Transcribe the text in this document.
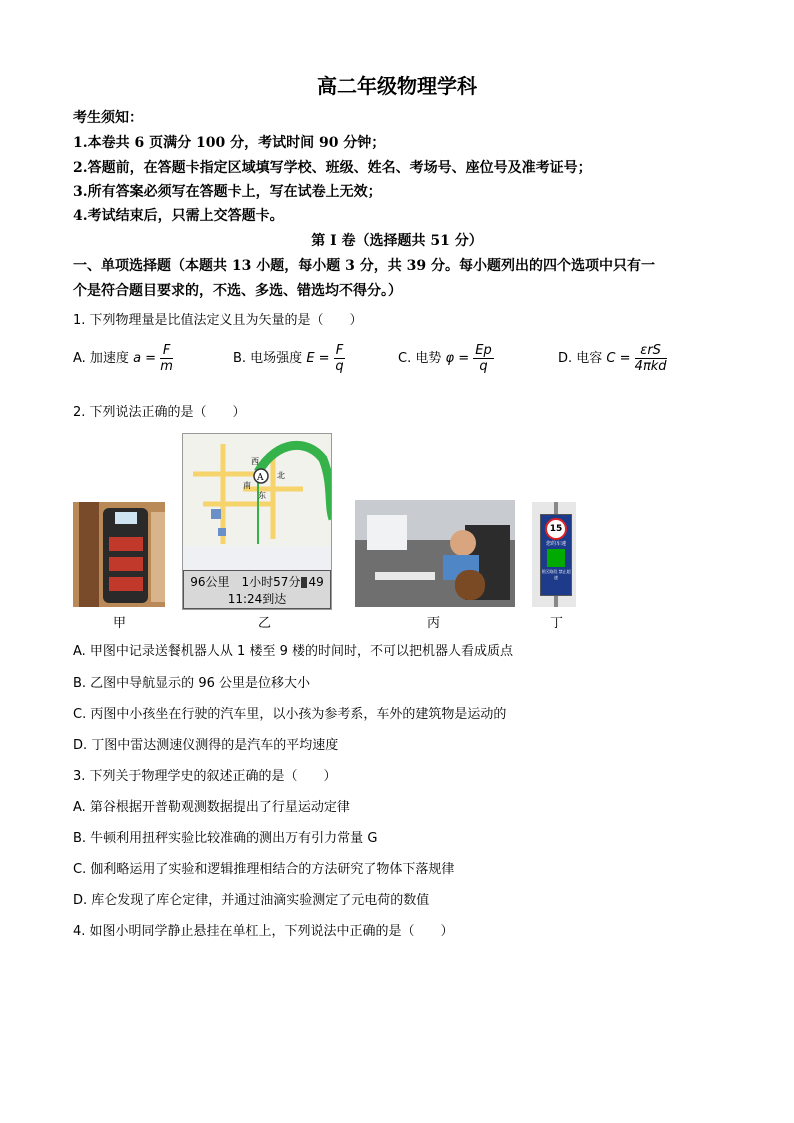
高二年级物理学科
考生须知：
1.本卷共 6 页满分 100 分，考试时间 90 分钟；
2.答题前，在答题卡指定区域填写学校、班级、姓名、考场号、座位号及准考证号；
3.所有答案必须写在答题卡上，写在试卷上无效；
4.考试结束后，只需上交答题卡。
第 I 卷（选择题共 51 分）
一、单项选择题（本题共 13 小题，每小题 3 分，共 39 分。每小题列出的四个选项中只有一
个是符合题目要求的，不选、多选、错选均不得分。）
1. 下列物理量是比值法定义且为矢量的是（　　）
A. 加速度 $a = \frac{F}{m}$	B. 电场强度 $E = \frac{F}{q}$	C. 电势 $\varphi = \frac{Ep}{q}$	D. 电容 $C = \frac{\text{εrS}}{\text{4πkd}}$
2. 下列说法正确的是（　　）
A
西
北
南
东
96公里　1小时57分 49
11:24到达
15
您的车速
景区路段 禁止超速
甲	乙	丙	丁
A. 甲图中记录送餐机器人从 1 楼至 9 楼的时间时，不可以把机器人看成质点
B. 乙图中导航显示的 96 公里是位移大小
C. 丙图中小孩坐在行驶的汽车里，以小孩为参考系，车外的建筑物是运动的
D. 丁图中雷达测速仪测得的是汽车的平均速度
3. 下列关于物理学史的叙述正确的是（　　）
A. 第谷根据开普勒观测数据提出了行星运动定律
B. 牛顿利用扭秤实验比较准确的测出万有引力常量 G
C. 伽利略运用了实验和逻辑推理相结合的方法研究了物体下落规律
D. 库仑发现了库仑定律，并通过油滴实验测定了元电荷的数值
4. 如图小明同学静止悬挂在单杠上，下列说法中正确的是（　　）
